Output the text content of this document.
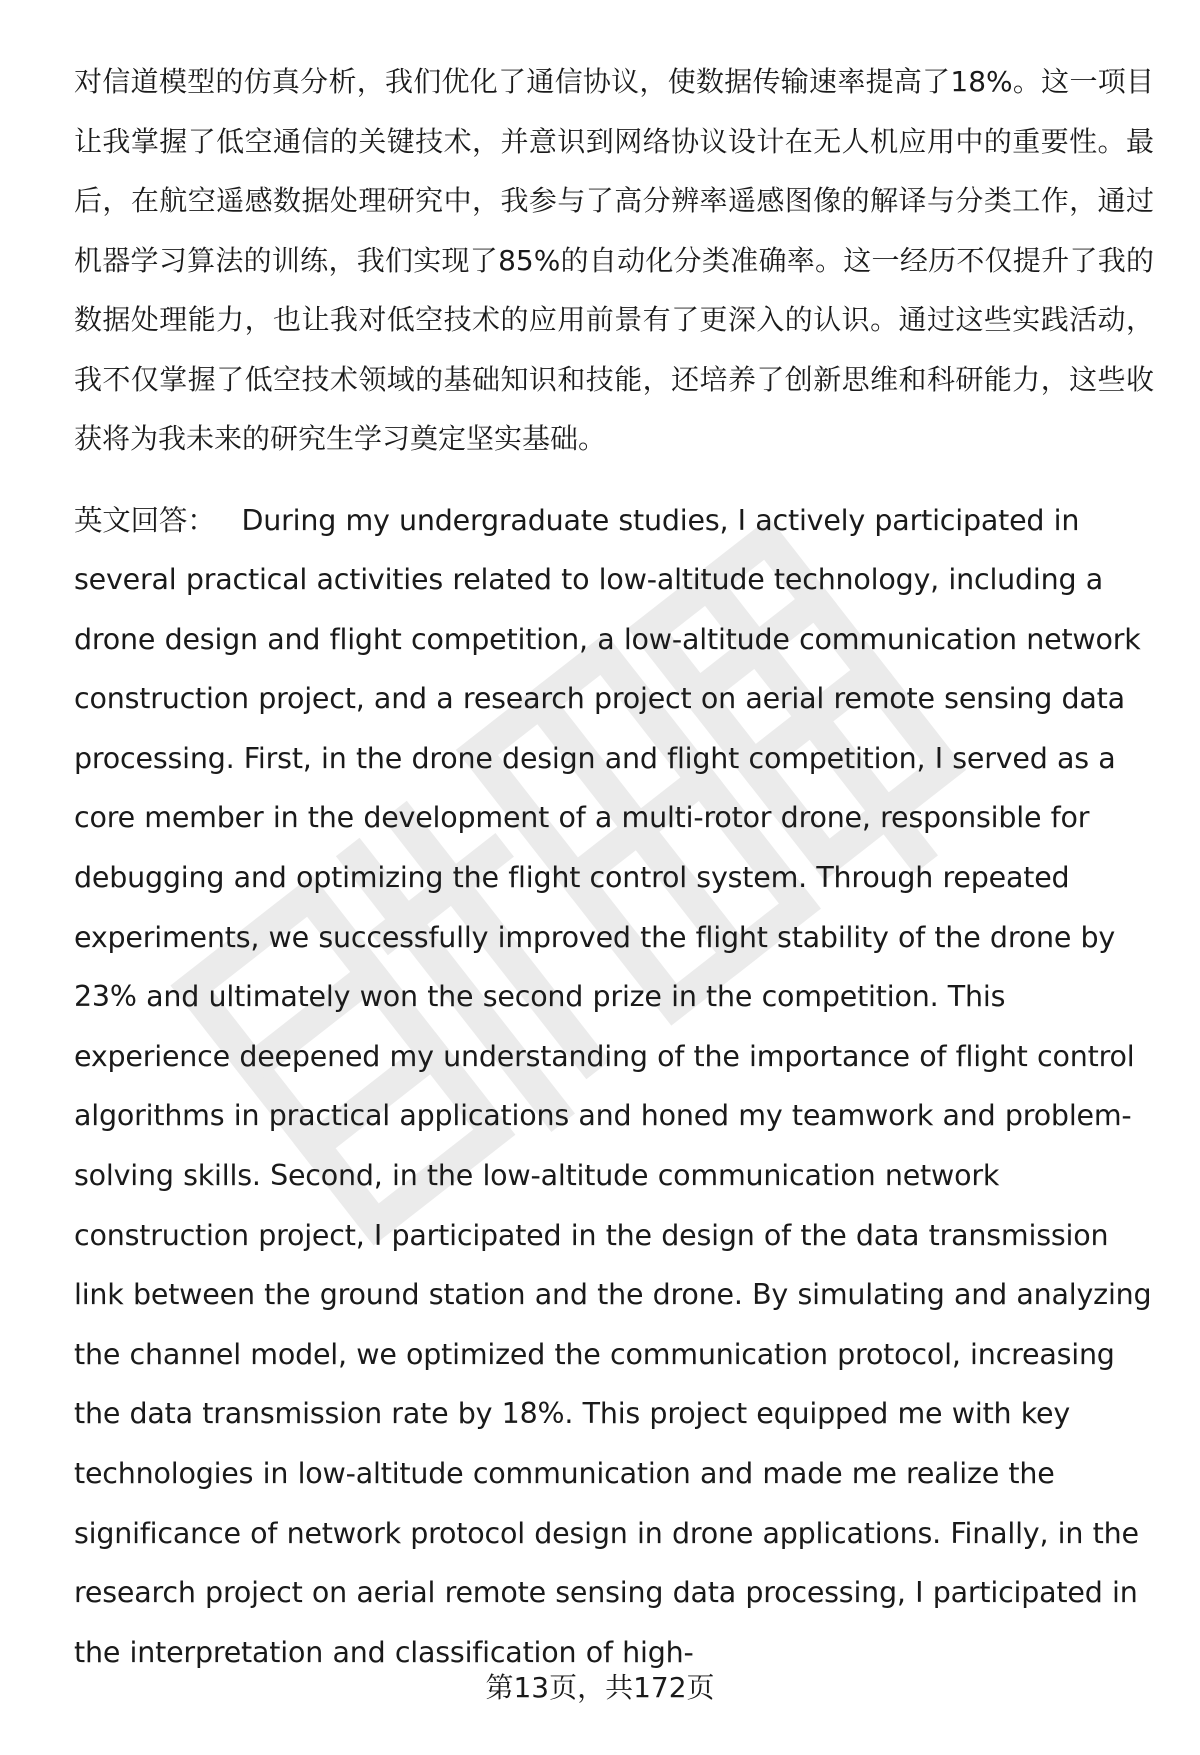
对信道模型的仿真分析，我们优化了通信协议，使数据传输速率提高了18%。这一项目让我掌握了低空通信的关键技术，并意识到网络协议设计在无人机应用中的重要性。最后，在航空遥感数据处理研究中，我参与了高分辨率遥感图像的解译与分类工作，通过机器学习算法的训练，我们实现了85%的自动化分类准确率。这一经历不仅提升了我的数据处理能力，也让我对低空技术的应用前景有了更深入的认识。通过这些实践活动，我不仅掌握了低空技术领域的基础知识和技能，还培养了创新思维和科研能力，这些收获将为我未来的研究生学习奠定坚实基础。

英文回答： During my undergraduate studies, I actively participated in several practical activities related to low-altitude technology, including a drone design and flight competition, a low-altitude communication network construction project, and a research project on aerial remote sensing data processing. First, in the drone design and flight competition, I served as a core member in the development of a multi-rotor drone, responsible for debugging and optimizing the flight control system. Through repeated experiments, we successfully improved the flight stability of the drone by 23% and ultimately won the second prize in the competition. This experience deepened my understanding of the importance of flight control algorithms in practical applications and honed my teamwork and problem-solving skills. Second, in the low-altitude communication network construction project, I participated in the design of the data transmission link between the ground station and the drone. By simulating and analyzing the channel model, we optimized the communication protocol, increasing the data transmission rate by 18%. This project equipped me with key technologies in low-altitude communication and made me realize the significance of network protocol design in drone applications. Finally, in the research project on aerial remote sensing data processing, I participated in the interpretation and classification of high-

第13页，共172页
